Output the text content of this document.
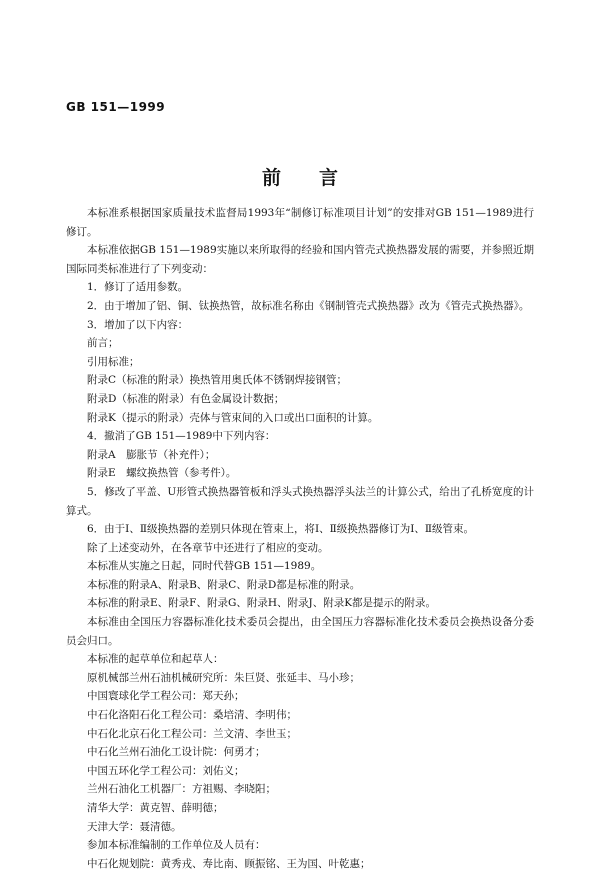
GB 151—1999
前言

本标准系根据国家质量技术监督局1993年“制修订标准项目计划”的安排对GB 151—1989进行修订。

本标准依据GB 151—1989实施以来所取得的经验和国内管壳式换热器发展的需要，并参照近期国际同类标准进行了下列变动：

1．修订了适用参数。

2．由于增加了铝、铜、钛换热管，故标准名称由《钢制管壳式换热器》改为《管壳式换热器》。

3．增加了以下内容：

前言；

引用标准；

附录C（标准的附录）换热管用奥氏体不锈钢焊接钢管；

附录D（标准的附录）有色金属设计数据；

附录K（提示的附录）壳体与管束间的入口或出口面积的计算。

4．撤消了GB 151—1989中下列内容：

附录A　膨胀节（补充件）；

附录E　螺纹换热管（参考件）。

5．修改了平盖、U形管式换热器管板和浮头式换热器浮头法兰的计算公式，给出了孔桥宽度的计算式。

6．由于Ⅰ、Ⅱ级换热器的差别只体现在管束上，将Ⅰ、Ⅱ级换热器修订为Ⅰ、Ⅱ级管束。

除了上述变动外，在各章节中还进行了相应的变动。

本标准从实施之日起，同时代替GB 151—1989。

本标准的附录A、附录B、附录C、附录D都是标准的附录。

本标准的附录E、附录F、附录G、附录H、附录J、附录K都是提示的附录。

本标准由全国压力容器标准化技术委员会提出，由全国压力容器标准化技术委员会换热设备分委员会归口。

本标准的起草单位和起草人：

原机械部兰州石油机械研究所：朱巨贤、张延丰、马小珍；

中国寰球化学工程公司：郑天孙；

中石化洛阳石化工程公司：桑培清、李明伟；

中石化北京石化工程公司：兰文清、李世玉；

中石化兰州石油化工设计院：何勇才；

中国五环化学工程公司：刘佑义；

兰州石油化工机器厂：方祖赐、李晓阳；

清华大学：黄克智、薛明德；

天津大学：聂清德。

参加本标准编制的工作单位及人员有：

中石化规划院：黄秀戎、寿比南、顾振铭、王为国、叶乾惠；
